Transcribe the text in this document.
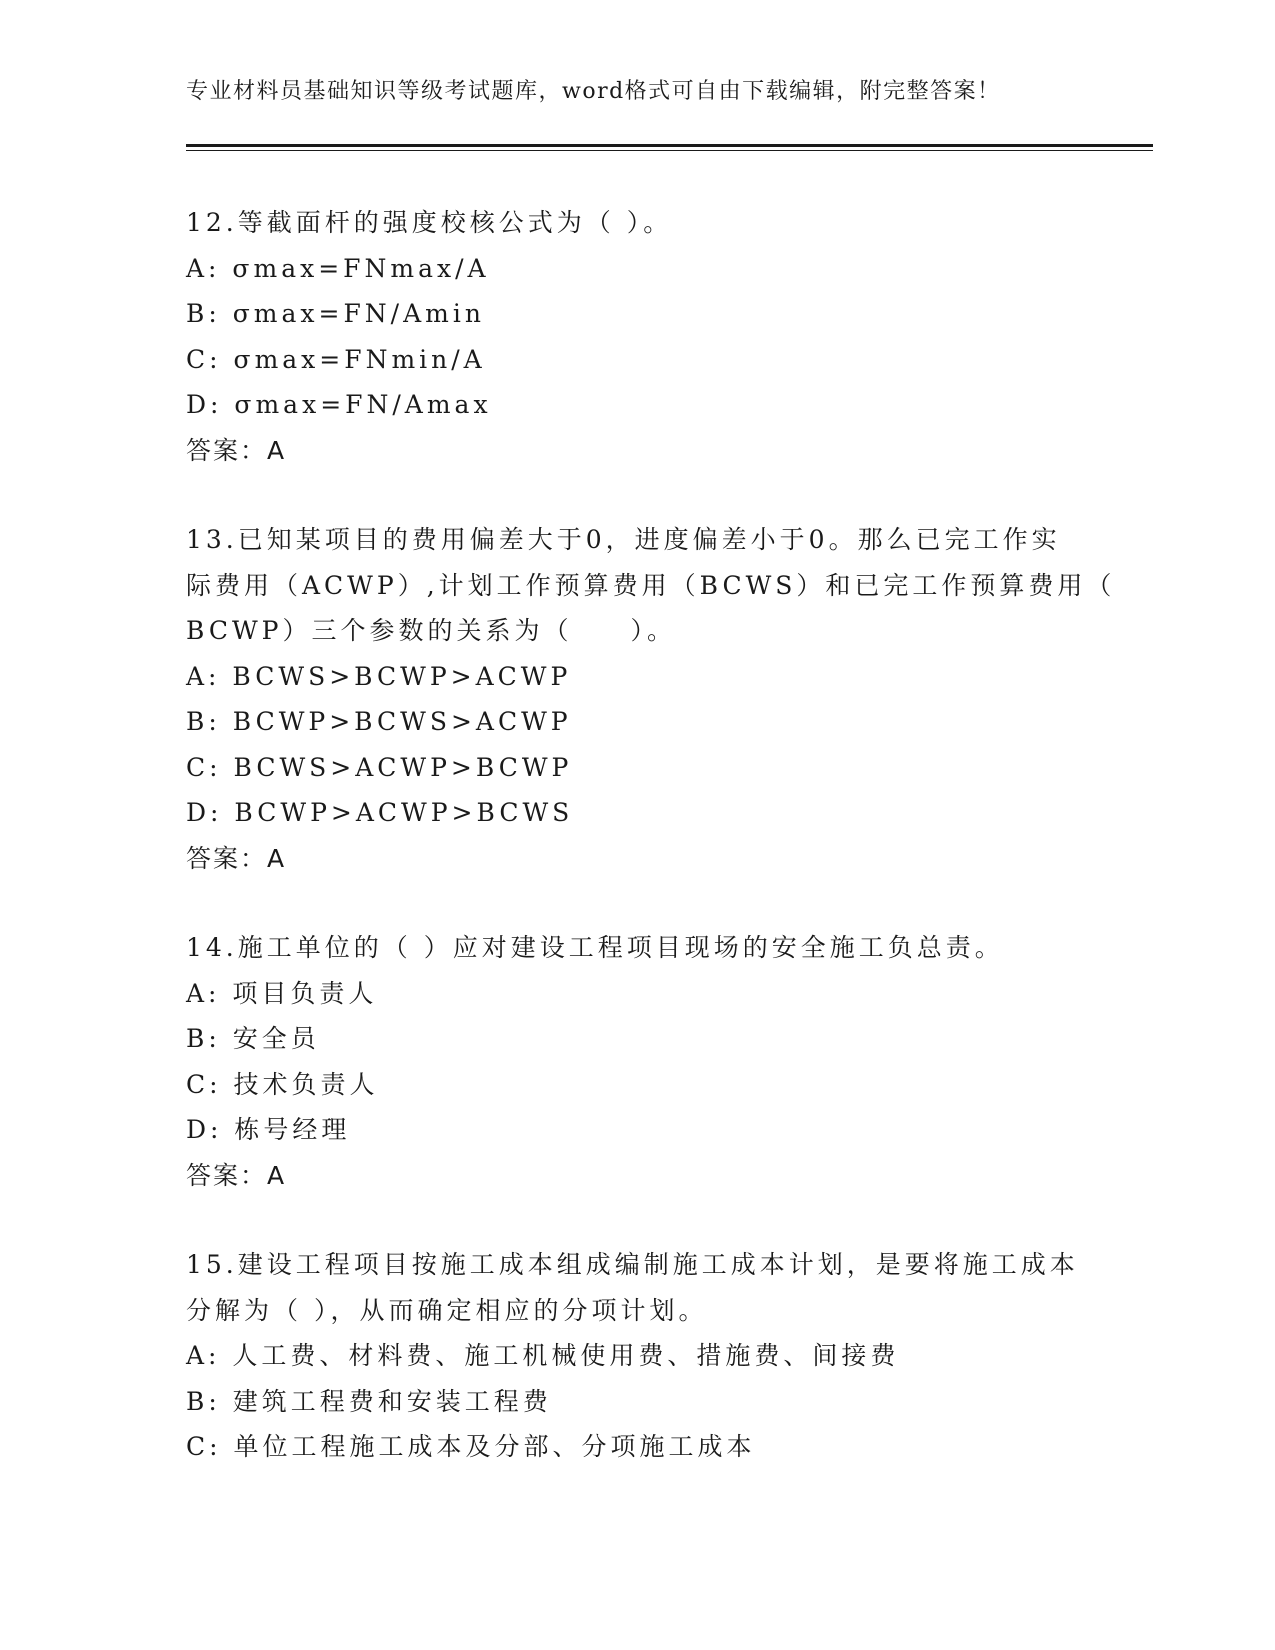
专业材料员基础知识等级考试题库，word格式可自由下载编辑，附完整答案！
12.等截面杆的强度校核公式为（ ）。
A: σmax=FNmax/A
B: σmax=FN/Amin
C: σmax=FNmin/A
D: σmax=FN/Amax
答案：A
13.已知某项目的费用偏差大于0，进度偏差小于0。那么已完工作实
际费用（ACWP）,计划工作预算费用（BCWS）和已完工作预算费用（
BCWP）三个参数的关系为（　　）。
A: BCWS>BCWP>ACWP
B: BCWP>BCWS>ACWP
C: BCWS>ACWP>BCWP
D: BCWP>ACWP>BCWS
答案：A
14.施工单位的（ ）应对建设工程项目现场的安全施工负总责。
A: 项目负责人
B: 安全员
C: 技术负责人
D: 栋号经理
答案：A
15.建设工程项目按施工成本组成编制施工成本计划，是要将施工成本
分解为（ ），从而确定相应的分项计划。
A: 人工费、材料费、施工机械使用费、措施费、间接费
B: 建筑工程费和安装工程费
C: 单位工程施工成本及分部、分项施工成本
